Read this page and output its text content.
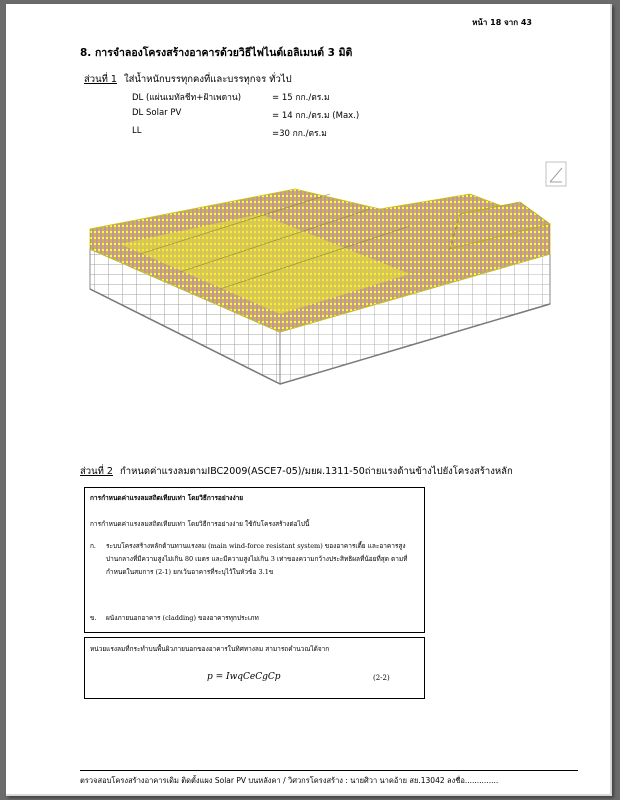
หน้า 18 จาก 43
8. การจำลองโครงสร้างอาคารด้วยวิธีไฟไนต์เอลิเมนต์ 3 มิติ
ส่วนที่ 1 ใส่น้ำหนักบรรทุกคงที่และบรรทุกจร ทั่วไป
DL (แผ่นเมทัลชีท+ฝ้าเพดาน)	= 15 กก./ตร.ม
DL Solar PV	= 14 กก./ตร.ม (Max.)
LL	=30 กก./ตร.ม
ส่วนที่ 2 กำหนดค่าแรงลมตามIBC2009(ASCE7-05)/มยผ.1311-50ถ่ายแรงด้านข้างไปยังโครงสร้างหลัก
การกำหนดค่าแรงลมสถิตเทียบเท่า โดยวิธีการอย่างง่าย
การกำหนดค่าแรงลมสถิตเทียบเท่า โดยวิธีการอย่างง่าย ใช้กับโครงสร้างต่อไปนี้
ก. ระบบโครงสร้างหลักต้านทานแรงลม (main wind-force resistant system) ของอาคารเตี้ย และอาคารสูงปานกลางที่มีความสูงไม่เกิน 80 เมตร และมีความสูงไม่เกิน 3 เท่าของความกว้างประสิทธิผลที่น้อยที่สุด ตามที่กำหนดในสมการ (2-1) ยกเว้นอาคารที่ระบุไว้ในหัวข้อ 3.1ข
ข. ผนังภายนอกอาคาร (cladding) ของอาคารทุกประเภท
หน่วยแรงลมที่กระทำบนพื้นผิวภายนอกของอาคารในทิศทางลม สามารถคำนวณได้จาก
p = IwqCeCgCp	(2-2)
ตรวจสอบโครงสร้างอาคารเดิม ติดตั้งแผง Solar PV บนหลังคา / วิศวกรโครงสร้าง : นายศิวา นาคอ้าย สย.13042 ลงชื่อ..............
